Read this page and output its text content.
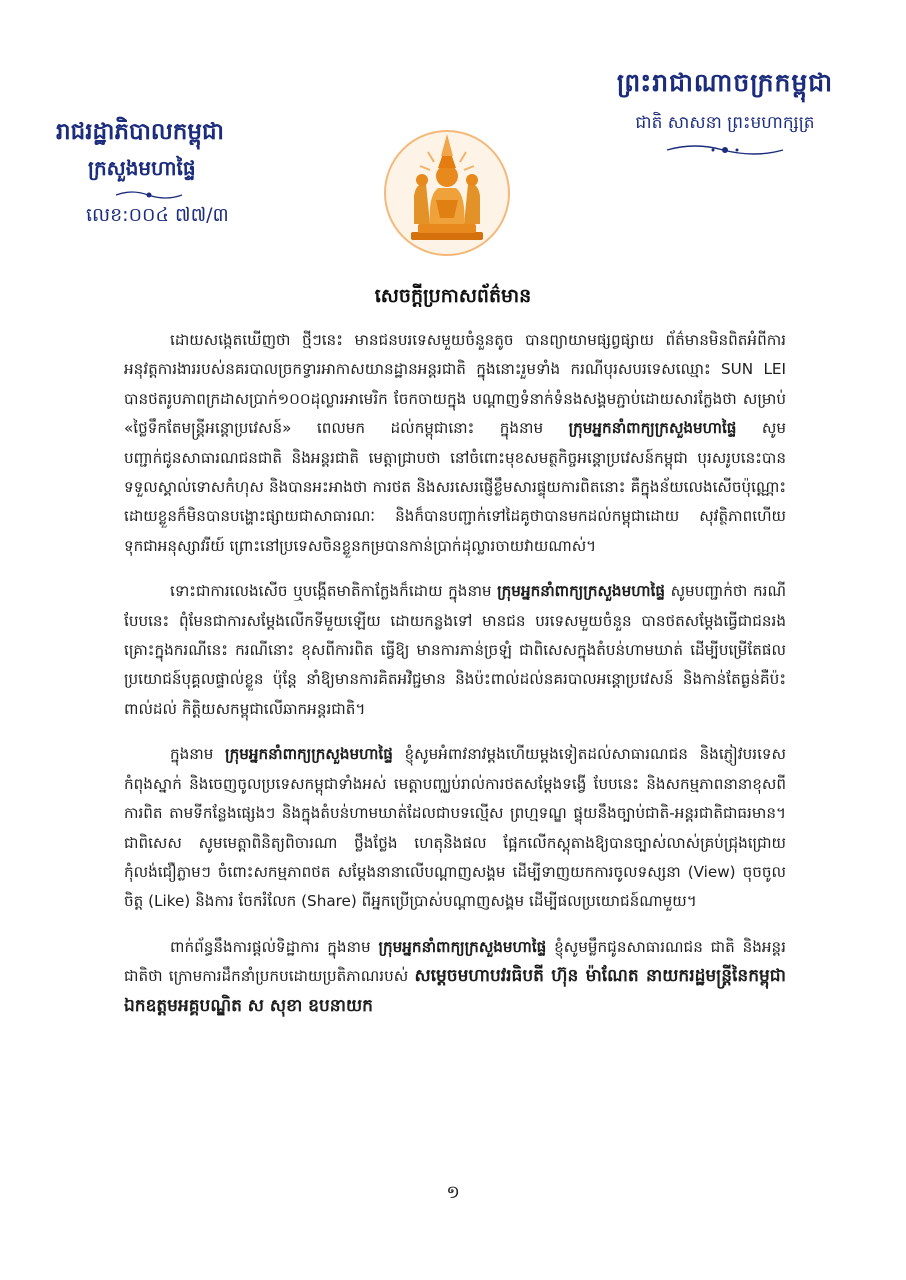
ព្រះរាជាណាចក្រកម្ពុជា
ជាតិ សាសនា ព្រះមហាក្សត្រ
រាជរដ្ឋាភិបាលកម្ពុជា
ក្រសួងមហាផ្ទៃ
លេខ:០០៤ ៧៧/៣
សេចក្តីប្រកាសព័ត៌មាន

ដោយសង្កេតឃើញថា ថ្មីៗនេះ មានជនបរទេសមួយចំនួនតូច បានព្យាយាមផ្សព្វផ្សាយ ព័ត៌មានមិនពិតអំពីការអនុវត្តការងាររបស់នគរបាលច្រកទ្វារអាកាសយានដ្ឋានអន្តរជាតិ ក្នុងនោះរួមទាំង ករណីបុរសបរទេសឈ្មោះ SUN LEI បានថតរូបភាពក្រដាសប្រាក់១០០ដុល្លារអាមេរិក ចែកចាយក្នុង បណ្តាញទំនាក់ទំនងសង្គមភ្ជាប់ដោយសារក្លែងថា សម្រាប់ «ថ្លៃទឹកតែមន្ត្រីអន្តោប្រវេសន៍» ពេលមក ដល់កម្ពុជានោះ ក្នុងនាម ក្រុមអ្នកនាំពាក្យក្រសួងមហាផ្ទៃ សូមបញ្ជាក់ជូនសាធារណជនជាតិ និងអន្តរជាតិ មេត្តាជ្រាបថា នៅចំពោះមុខសមត្ថកិច្ចអន្តោប្រវេសន៍កម្ពុជា បុរសរូបនេះបានទទួលស្គាល់ទោសកំហុស និងបានអះអាងថា ការថត និងសរសេរផ្ញើខ្លឹមសារផ្ទុយការពិតនោះ គឺក្នុងន័យលេងសើចប៉ុណ្ណោះ ដោយខ្លួនក៏មិនបានបង្ហោះផ្សាយជាសាធារណៈ និងក៏បានបញ្ជាក់ទៅដៃគូថាបានមកដល់កម្ពុជាដោយ សុវត្ថិភាពហើយទុកជាអនុស្សាវរីយ៍ ព្រោះនៅប្រទេសចិនខ្លួនកម្របានកាន់ប្រាក់ដុល្លារចាយវាយណាស់។

ទោះជាការលេងសើច ឬបង្កើតមាតិកាក្លែងក៏ដោយ ក្នុងនាម ក្រុមអ្នកនាំពាក្យក្រសួងមហាផ្ទៃ សូមបញ្ជាក់ថា ករណីបែបនេះ ពុំមែនជាការសម្តែងលើកទីមួយឡើយ ដោយកន្លងទៅ មានជន បរទេសមួយចំនួន បានថតសម្តែងធ្វើជាជនរងគ្រោះក្នុងករណីនេះ ករណីនោះ ខុសពីការពិត ធ្វើឱ្យ មានការភាន់ច្រឡំ ជាពិសេសក្នុងតំបន់ហាមឃាត់ ដើម្បីបម្រើតែផលប្រយោជន៍បុគ្គលផ្ទាល់ខ្លួន ប៉ុន្តែ នាំឱ្យមានការគិតអវិជ្ជមាន និងប៉ះពាល់ដល់នគរបាលអន្តោប្រវេសន៍ និងកាន់តែធ្ងន់គឺប៉ះពាល់ដល់ កិត្តិយសកម្ពុជាលើឆាកអន្តរជាតិ។

ក្នុងនាម ក្រុមអ្នកនាំពាក្យក្រសួងមហាផ្ទៃ ខ្ញុំសូមអំពាវនាវម្តងហើយម្តងទៀតដល់សាធារណជន និងភ្ញៀវបរទេសកំពុងស្នាក់ និងចេញចូលប្រទេសកម្ពុជាទាំងអស់ មេត្តាបញ្ឈប់រាល់ការថតសម្តែងទង្វើ បែបនេះ និងសកម្មភាពនានាខុសពីការពិត តាមទីកន្លែងផ្សេងៗ និងក្នុងតំបន់ហាមឃាត់ដែលជាបទល្មើស ព្រហ្មទណ្ឌ ផ្ទុយនឹងច្បាប់ជាតិ-អន្តរជាតិជាធរមាន។ ជាពិសេស សូមមេត្តាពិនិត្យពិចារណា ថ្លឹងថ្លែង ហេតុនិងផល ផ្អែកលើកស្តុតាងឱ្យបានច្បាស់លាស់គ្រប់ជ្រុងជ្រោយ កុំលង់ជឿភ្លាមៗ ចំពោះសកម្មភាពថត សម្តែងនានាលើបណ្តាញសង្គម ដើម្បីទាញយកការចូលទស្សនា (View) ចុចចូលចិត្ត (Like) និងការ ចែករំលែក (Share) ពីអ្នកប្រើប្រាស់បណ្តាញសង្គម ដើម្បីផលប្រយោជន៍ណាមួយ។

ពាក់ព័ន្ធនឹងការផ្តល់ទិដ្ឋាការ ក្នុងនាម ក្រុមអ្នកនាំពាក្យក្រសួងមហាផ្ទៃ ខ្ញុំសូមម្លឹកជូនសាធារណជន ជាតិ និងអន្តរជាតិថា ក្រោមការដឹកនាំប្រកបដោយប្រតិភាណរបស់ សម្តេចមហាបវរធិបតី ហ៊ុន ម៉ាណែត នាយករដ្ឋមន្ត្រីនៃកម្ពុជា ឯកឧត្តមអគ្គបណ្ឌិត ស សុខា ឧបនាយក

១
